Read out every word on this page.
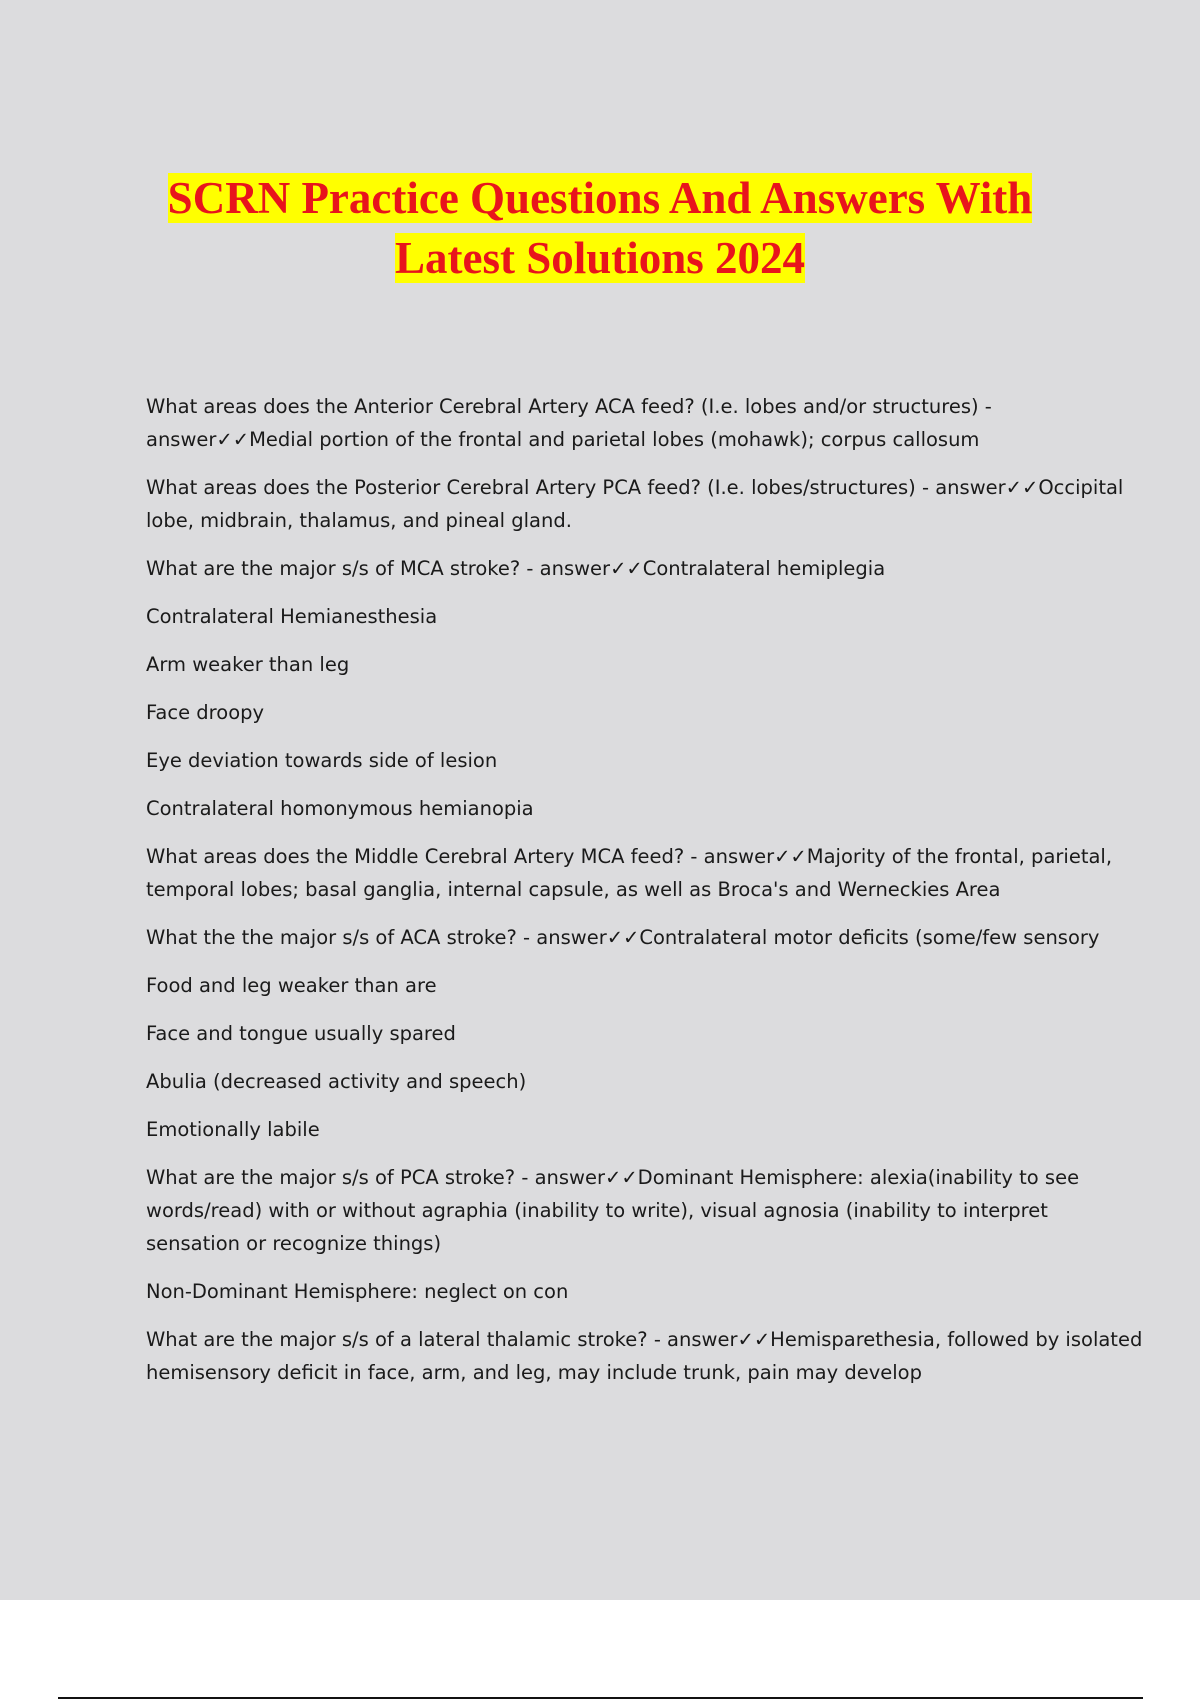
SCRN Practice Questions And Answers With
Latest Solutions 2024

What areas does the Anterior Cerebral Artery ACA feed? (I.e. lobes and/or structures) - answer✓✓Medial portion of the frontal and parietal lobes (mohawk); corpus callosum

What areas does the Posterior Cerebral Artery PCA feed? (I.e. lobes/structures) - answer✓✓Occipital lobe, midbrain, thalamus, and pineal gland.

What are the major s/s of MCA stroke? - answer✓✓Contralateral hemiplegia

Contralateral Hemianesthesia

Arm weaker than leg

Face droopy

Eye deviation towards side of lesion

Contralateral homonymous hemianopia

What areas does the Middle Cerebral Artery MCA feed? - answer✓✓Majority of the frontal, parietal, temporal lobes; basal ganglia, internal capsule, as well as Broca's and Werneckies Area

What the the major s/s of ACA stroke? - answer✓✓Contralateral motor deficits (some/few sensory

Food and leg weaker than are

Face and tongue usually spared

Abulia (decreased activity and speech)

Emotionally labile

What are the major s/s of PCA stroke? - answer✓✓Dominant Hemisphere: alexia(inability to see words/read) with or without agraphia (inability to write), visual agnosia (inability to interpret sensation or recognize things)

Non-Dominant Hemisphere: neglect on con

What are the major s/s of a lateral thalamic stroke? - answer✓✓Hemisparethesia, followed by isolated hemisensory deficit in face, arm, and leg, may include trunk, pain may develop
